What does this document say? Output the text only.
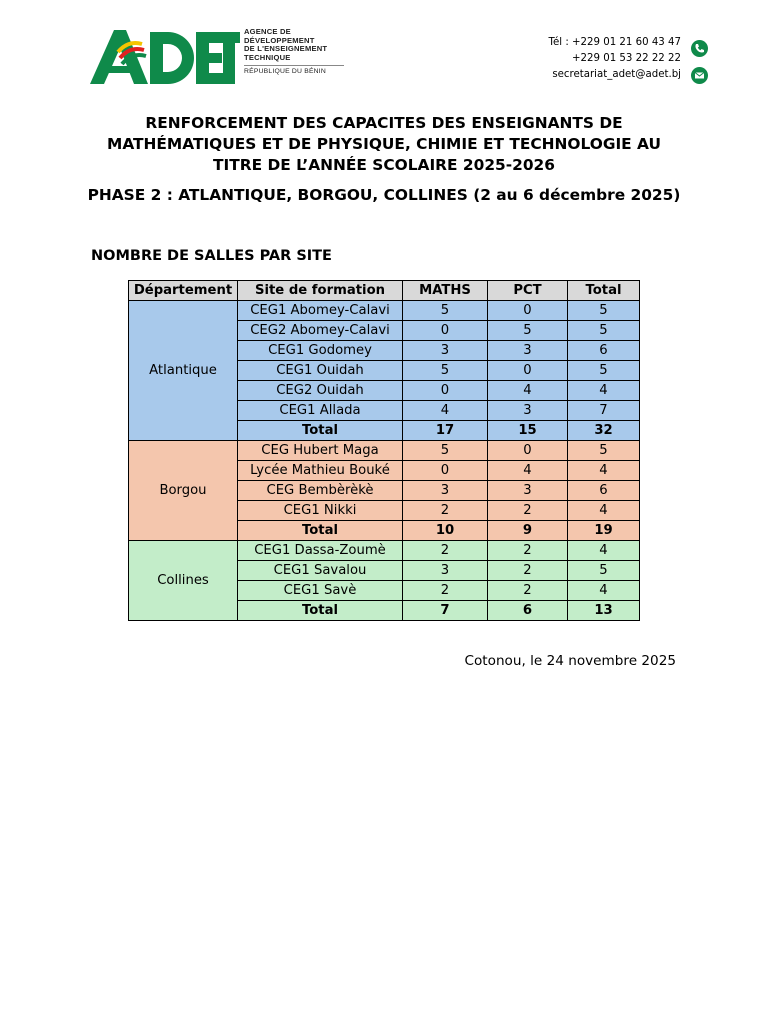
AGENCE DE
DÉVELOPPEMENT
DE L'ENSEIGNEMENT
TECHNIQUE
RÉPUBLIQUE DU BÉNIN
Tél : +229 01 21 60 43 47
+229 01 53 22 22 22
secretariat_adet@adet.bj
RENFORCEMENT DES CAPACITES DES ENSEIGNANTS DE
MATHÉMATIQUES ET DE PHYSIQUE, CHIMIE ET TECHNOLOGIE AU
TITRE DE L’ANNÉE SCOLAIRE 2025-2026
PHASE 2 : ATLANTIQUE, BORGOU, COLLINES (2 au 6 décembre 2025)
NOMBRE DE SALLES PAR SITE
Département	Site de formation	MATHS	PCT	Total
Atlantique	CEG1 Abomey-Calavi	5	0	5
	CEG2 Abomey-Calavi	0	5	5
	CEG1 Godomey	3	3	6
	CEG1 Ouidah	5	0	5
	CEG2 Ouidah	0	4	4
	CEG1 Allada	4	3	7
	Total	17	15	32
Borgou	CEG Hubert Maga	5	0	5
	Lycée Mathieu Bouké	0	4	4
	CEG Bembèrèkè	3	3	6
	CEG1 Nikki	2	2	4
	Total	10	9	19
Collines	CEG1 Dassa-Zoumè	2	2	4
	CEG1 Savalou	3	2	5
	CEG1 Savè	2	2	4
	Total	7	6	13
Cotonou, le 24 novembre 2025
